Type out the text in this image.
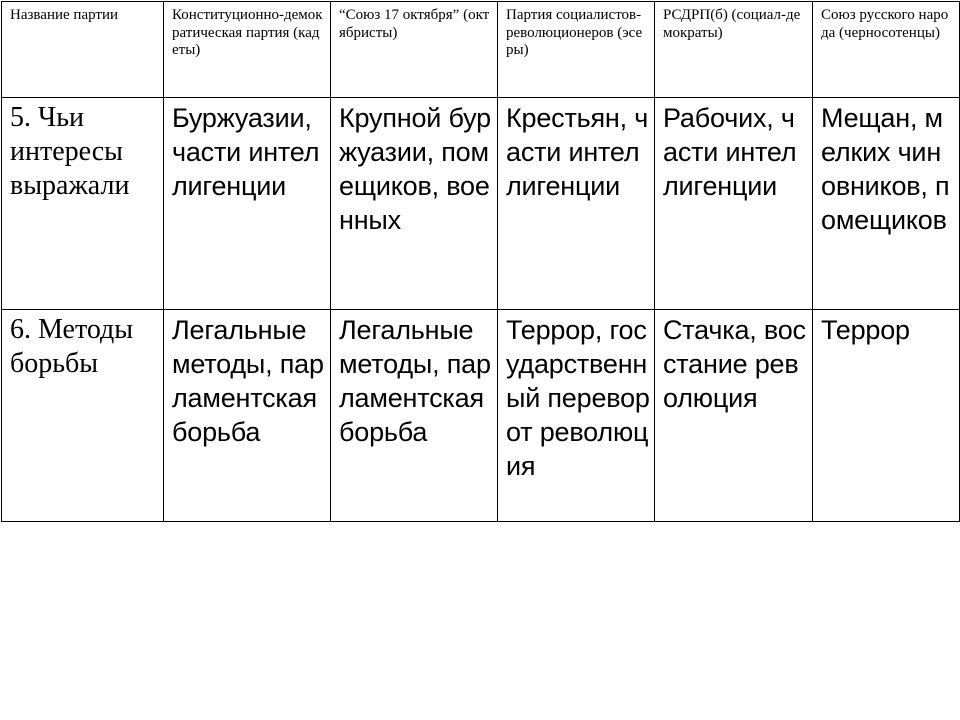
Название партии	Конституционно-демократическая партия (кадеты)	“Союз 17 октября” (октябристы)	Партия социалистов-революционеров (эсеры)	РСДРП(б) (социал-демократы)	Союз русского народа (черносотенцы)

5. Чьи интересы выражали	Буржуазии, части интеллигенции	Крупной буржуазии, помещиков, военных	Крестьян, части интеллигенции	Рабочих, части интеллигенции	Мещан, мелких чиновников, помещиков

6. Методы борьбы	Легальные методы, парламентская борьба	Легальные методы, парламентская борьба	Террор, государственный переворот революция	Стачка, восстание революция	Террор
